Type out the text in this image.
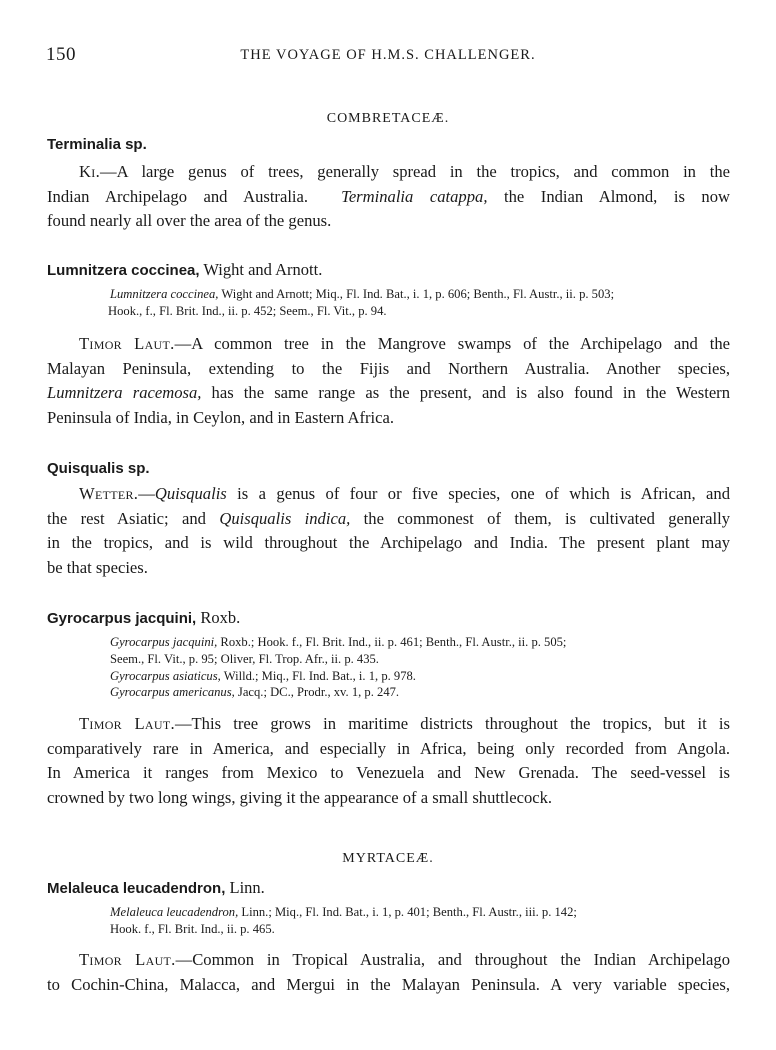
150	THE VOYAGE OF H.M.S. CHALLENGER.
COMBRETACEÆ.
Terminalia sp.
Ki.—A large genus of trees, generally spread in the tropics, and common in the
Indian Archipelago and Australia. Terminalia catappa, the Indian Almond, is now
found nearly all over the area of the genus.
Lumnitzera coccinea, Wight and Arnott.
Lumnitzera coccinea, Wight and Arnott; Miq., Fl. Ind. Bat., i. 1, p. 606; Benth., Fl. Austr., ii. p. 503;
Hook., f., Fl. Brit. Ind., ii. p. 452; Seem., Fl. Vit., p. 94.
Timor Laut.—A common tree in the Mangrove swamps of the Archipelago and the
Malayan Peninsula, extending to the Fijis and Northern Australia. Another species,
Lumnitzera racemosa, has the same range as the present, and is also found in the Western
Peninsula of India, in Ceylon, and in Eastern Africa.
Quisqualis sp.
Wetter.—Quisqualis is a genus of four or five species, one of which is African, and
the rest Asiatic; and Quisqualis indica, the commonest of them, is cultivated generally
in the tropics, and is wild throughout the Archipelago and India. The present plant may
be that species.
Gyrocarpus jacquini, Roxb.
Gyrocarpus jacquini, Roxb.; Hook. f., Fl. Brit. Ind., ii. p. 461; Benth., Fl. Austr., ii. p. 505;
Seem., Fl. Vit., p. 95; Oliver, Fl. Trop. Afr., ii. p. 435.
Gyrocarpus asiaticus, Willd.; Miq., Fl. Ind. Bat., i. 1, p. 978.
Gyrocarpus americanus, Jacq.; DC., Prodr., xv. 1, p. 247.
Timor Laut.—This tree grows in maritime districts throughout the tropics, but it is
comparatively rare in America, and especially in Africa, being only recorded from Angola.
In America it ranges from Mexico to Venezuela and New Grenada. The seed-vessel is
crowned by two long wings, giving it the appearance of a small shuttlecock.
MYRTACEÆ.
Melaleuca leucadendron, Linn.
Melaleuca leucadendron, Linn.; Miq., Fl. Ind. Bat., i. 1, p. 401; Benth., Fl. Austr., iii. p. 142;
Hook. f., Fl. Brit. Ind., ii. p. 465.
Timor Laut.—Common in Tropical Australia, and throughout the Indian Archipelago
to Cochin-China, Malacca, and Mergui in the Malayan Peninsula. A very variable species,
